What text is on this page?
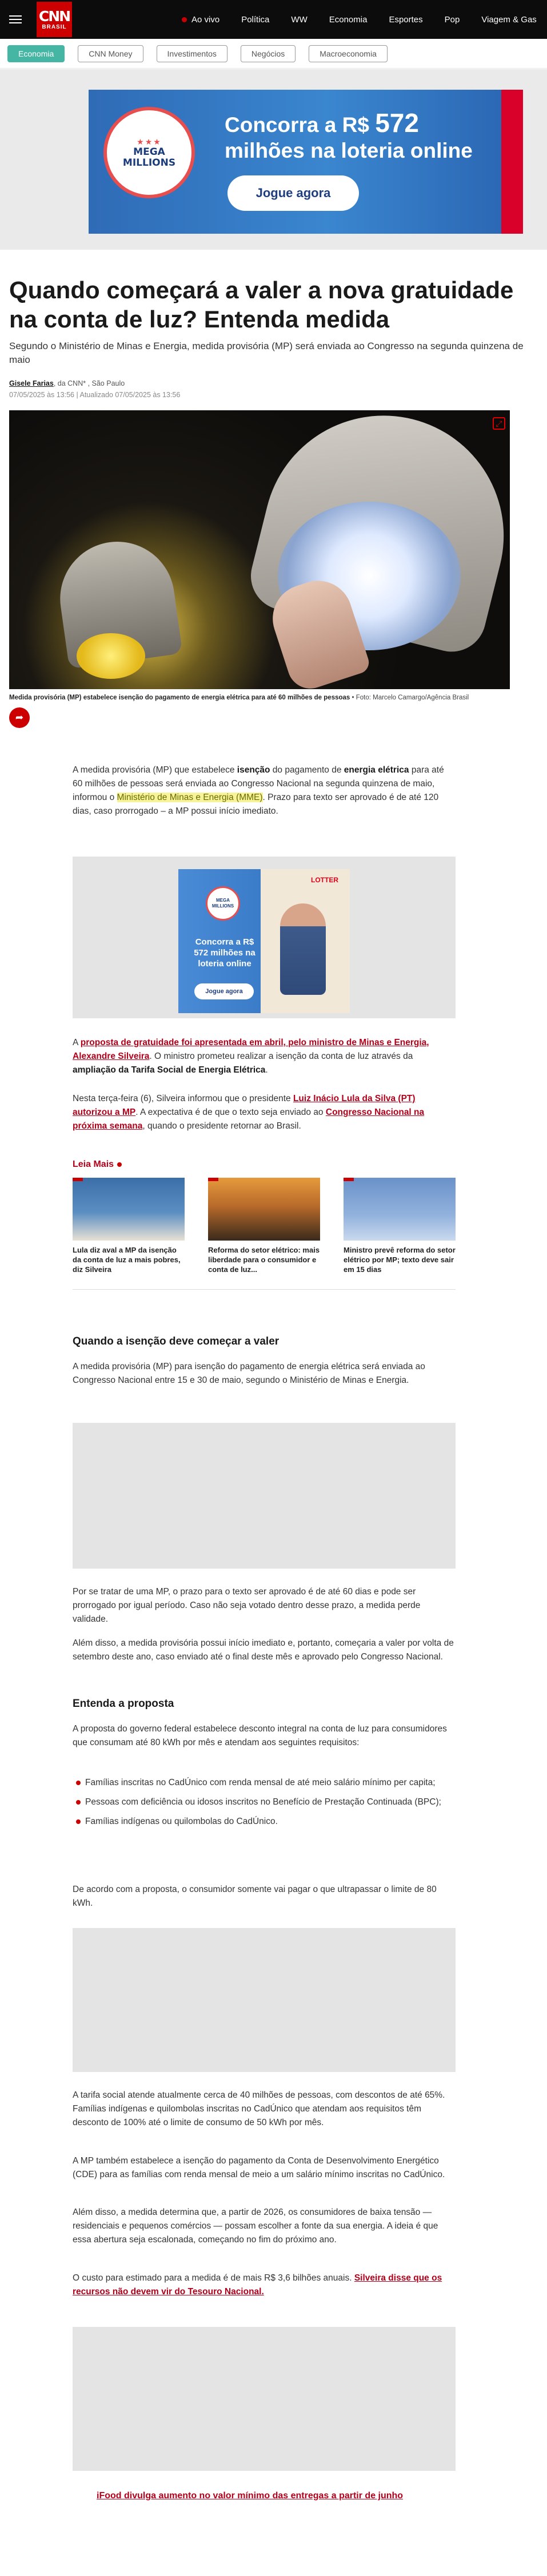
CNN
BRASIL
Ao vivo	Política	WW	Economia	Esportes	Pop	Viagem & Gas
Economia	CNN Money	Investimentos	Negócios	Macroeconomia
★★★
MEGA MILLIONS
Concorra a R$ 572 milhões na loteria online
Jogue agora
Quando começará a valer a nova gratuidade na conta de luz? Entenda medida

Segundo o Ministério de Minas e Energia, medida provisória (MP) será enviada ao Congresso na segunda quinzena de maio

Gisele Farias, da CNN* , São Paulo
07/05/2025 às 13:56 | Atualizado 07/05/2025 às 13:56
⤢
Medida provisória (MP) estabelece isenção do pagamento de energia elétrica para até 60 milhões de pessoas • Foto: Marcelo Camargo/Agência Brasil
➦

A medida provisória (MP) que estabelece isenção do pagamento de energia elétrica para até 60 milhões de pessoas será enviada ao Congresso Nacional na segunda quinzena de maio, informou o Ministério de Minas e Energia (MME). Prazo para texto ser aprovado é de até 120 dias, caso prorrogado – a MP possui início imediato.

MEGA MILLIONS
Concorra a R$ 572 milhões na loteria online
Jogue agora
LOTTER

A proposta de gratuidade foi apresentada em abril, pelo ministro de Minas e Energia, Alexandre Silveira. O ministro prometeu realizar a isenção da conta de luz através da ampliação da Tarifa Social de Energia Elétrica.

Nesta terça-feira (6), Silveira informou que o presidente Luiz Inácio Lula da Silva (PT) autorizou a MP. A expectativa é de que o texto seja enviado ao Congresso Nacional na próxima semana, quando o presidente retornar ao Brasil.

Leia Mais
Lula diz aval a MP da isenção da conta de luz a mais pobres, diz Silveira
Reforma do setor elétrico: mais liberdade para o consumidor e conta de luz...
Ministro prevê reforma do setor elétrico por MP; texto deve sair em 15 dias
Quando a isenção deve começar a valer

A medida provisória (MP) para isenção do pagamento de energia elétrica será enviada ao Congresso Nacional entre 15 e 30 de maio, segundo o Ministério de Minas e Energia.

Por se tratar de uma MP, o prazo para o texto ser aprovado é de até 60 dias e pode ser prorrogado por igual período. Caso não seja votado dentro desse prazo, a medida perde validade.

Além disso, a medida provisória possui início imediato e, portanto, começaria a valer por volta de setembro deste ano, caso enviado até o final deste mês e aprovado pelo Congresso Nacional.

Entenda a proposta

A proposta do governo federal estabelece desconto integral na conta de luz para consumidores que consumam até 80 kWh por mês e atendam aos seguintes requisitos:

Famílias inscritas no CadÚnico com renda mensal de até meio salário mínimo per capita;
Pessoas com deficiência ou idosos inscritos no Benefício de Prestação Continuada (BPC);
Famílias indígenas ou quilombolas do CadÚnico.

De acordo com a proposta, o consumidor somente vai pagar o que ultrapassar o limite de 80 kWh.

A tarifa social atende atualmente cerca de 40 milhões de pessoas, com descontos de até 65%. Famílias indígenas e quilombolas inscritas no CadÚnico que atendam aos requisitos têm desconto de 100% até o limite de consumo de 50 kWh por mês.

A MP também estabelece a isenção do pagamento da Conta de Desenvolvimento Energético (CDE) para as famílias com renda mensal de meio a um salário mínimo inscritas no CadÚnico.

Além disso, a medida determina que, a partir de 2026, os consumidores de baixa tensão — residenciais e pequenos comércios — possam escolher a fonte da sua energia. A ideia é que essa abertura seja escalonada, começando no fim do próximo ano.

O custo para estimado para a medida é de mais R$ 3,6 bilhões anuais. Silveira disse que os recursos não devem vir do Tesouro Nacional.

iFood divulga aumento no valor mínimo das entregas a partir de junho
